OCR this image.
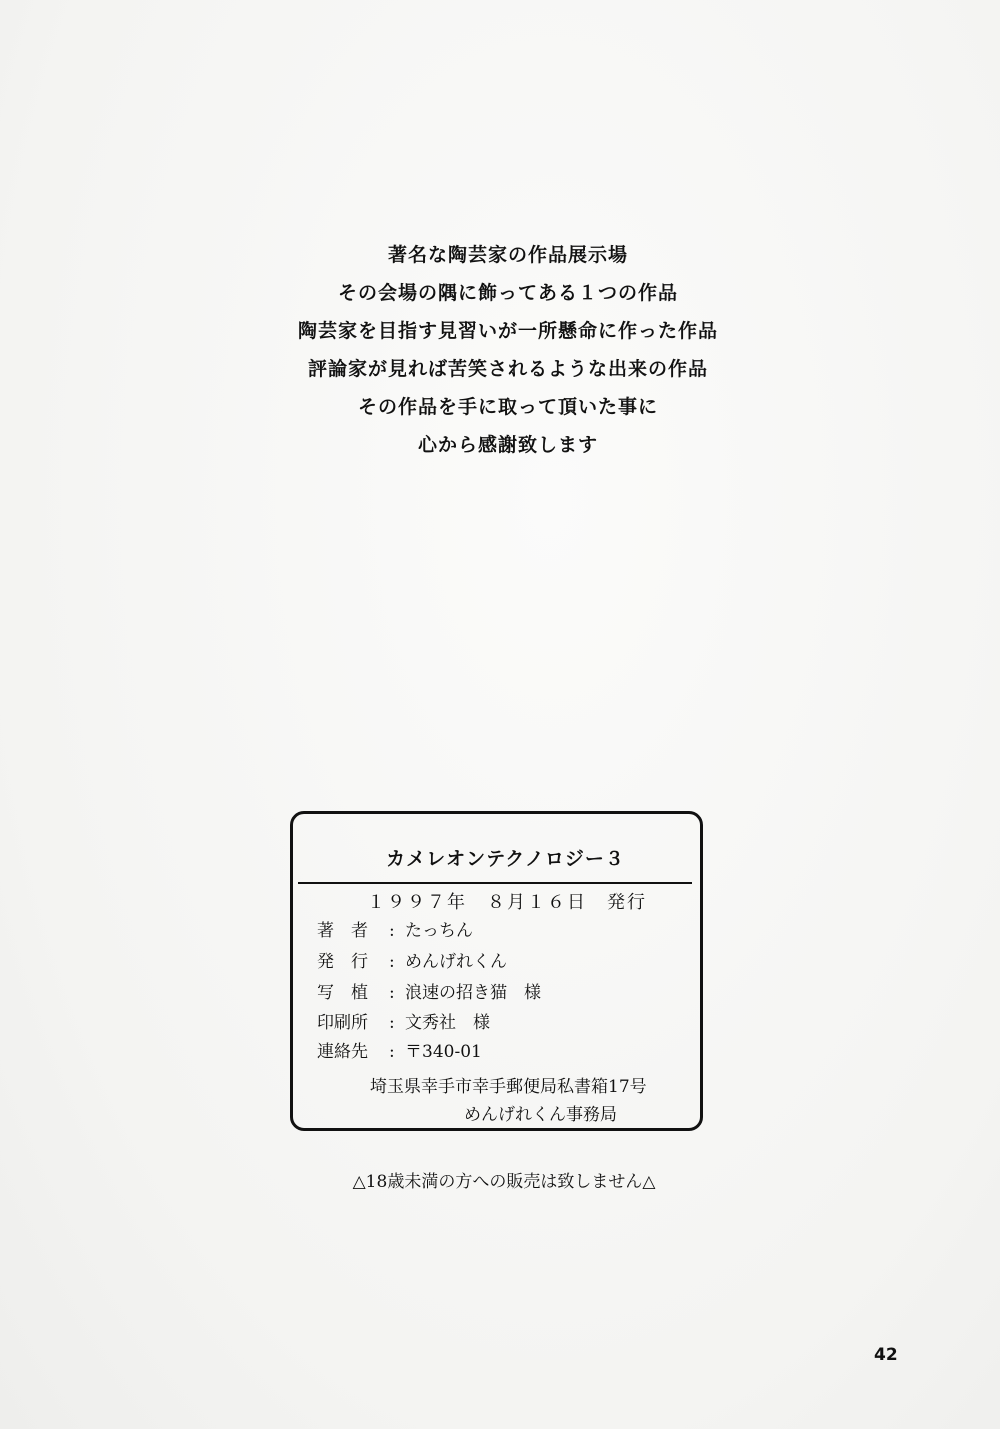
著名な陶芸家の作品展示場
その会場の隅に飾ってある１つの作品
陶芸家を目指す見習いが一所懸命に作った作品
評論家が見れば苦笑されるような出来の作品
その作品を手に取って頂いた事に
心から感謝致します
カメレオンテクノロジー３
１９９７年　８月１６日　発行
著　者 : たっちん
発　行 : めんげれくん
写　植 : 浪速の招き猫　様
印刷所 : 文秀社　様
連絡先 : 〒340-01
埼玉県幸手市幸手郵便局私書箱17号
めんげれくん事務局
△18歳未満の方への販売は致しません△
42
